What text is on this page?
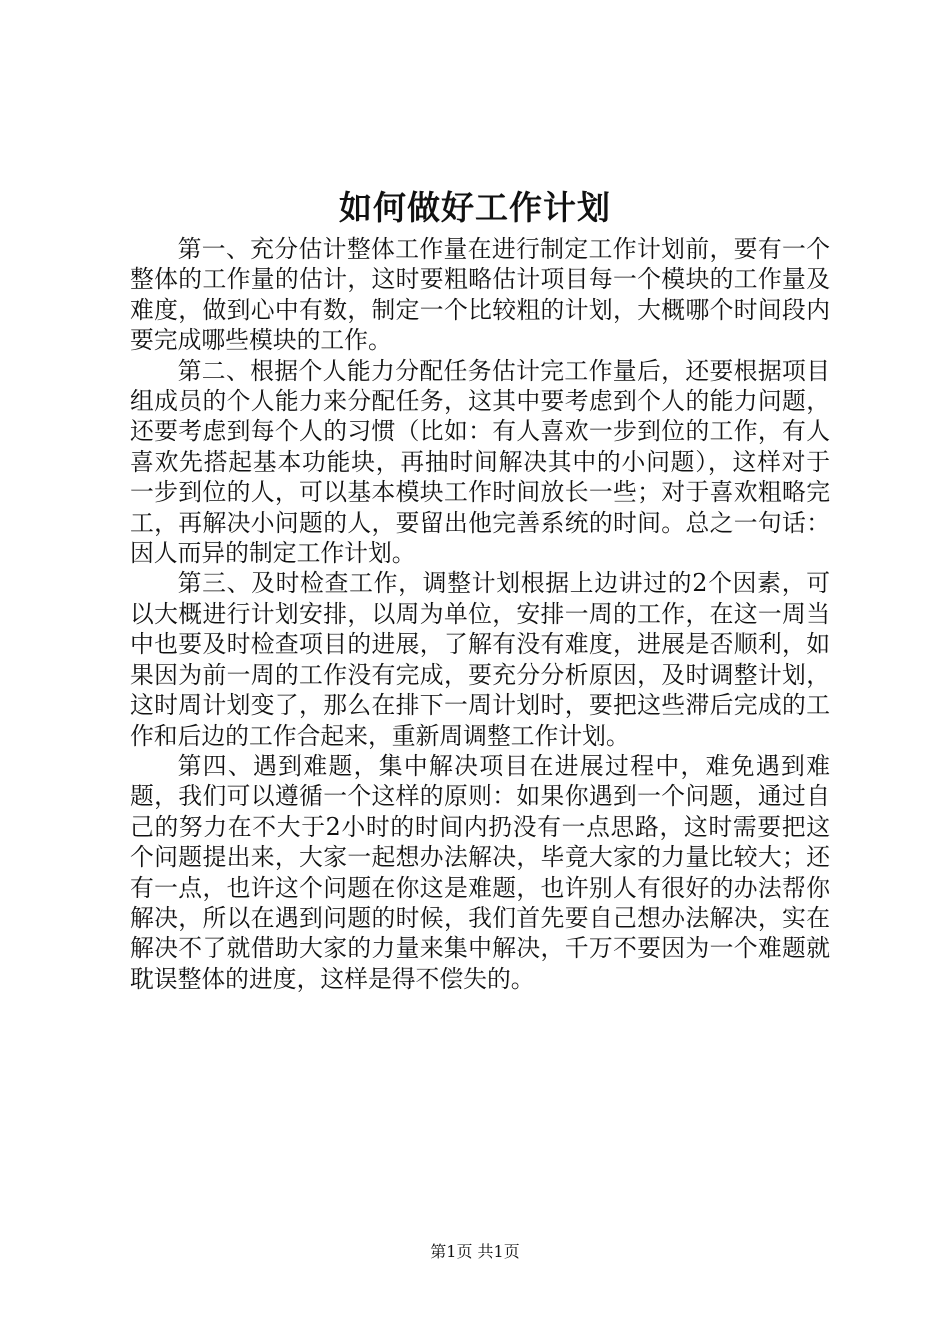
如何做好工作计划

第一、充分估计整体工作量在进行制定工作计划前，要有一个整体的工作量的估计，这时要粗略估计项目每一个模块的工作量及难度，做到心中有数，制定一个比较粗的计划，大概哪个时间段内要完成哪些模块的工作。

第二、根据个人能力分配任务估计完工作量后，还要根据项目组成员的个人能力来分配任务，这其中要考虑到个人的能力问题，还要考虑到每个人的习惯（比如：有人喜欢一步到位的工作，有人喜欢先搭起基本功能块，再抽时间解决其中的小问题），这样对于一步到位的人，可以基本模块工作时间放长一些；对于喜欢粗略完工，再解决小问题的人，要留出他完善系统的时间。总之一句话：因人而异的制定工作计划。

第三、及时检查工作，调整计划根据上边讲过的2个因素，可以大概进行计划安排，以周为单位，安排一周的工作，在这一周当中也要及时检查项目的进展，了解有没有难度，进展是否顺利，如果因为前一周的工作没有完成，要充分分析原因，及时调整计划，这时周计划变了，那么在排下一周计划时，要把这些滞后完成的工作和后边的工作合起来，重新周调整工作计划。

第四、遇到难题，集中解决项目在进展过程中，难免遇到难题，我们可以遵循一个这样的原则：如果你遇到一个问题，通过自己的努力在不大于2小时的时间内扔没有一点思路，这时需要把这个问题提出来，大家一起想办法解决，毕竟大家的力量比较大；还有一点，也许这个问题在你这是难题，也许别人有很好的办法帮你解决，所以在遇到问题的时候，我们首先要自己想办法解决，实在解决不了就借助大家的力量来集中解决，千万不要因为一个难题就耽误整体的进度，这样是得不偿失的。

第1页 共1页
